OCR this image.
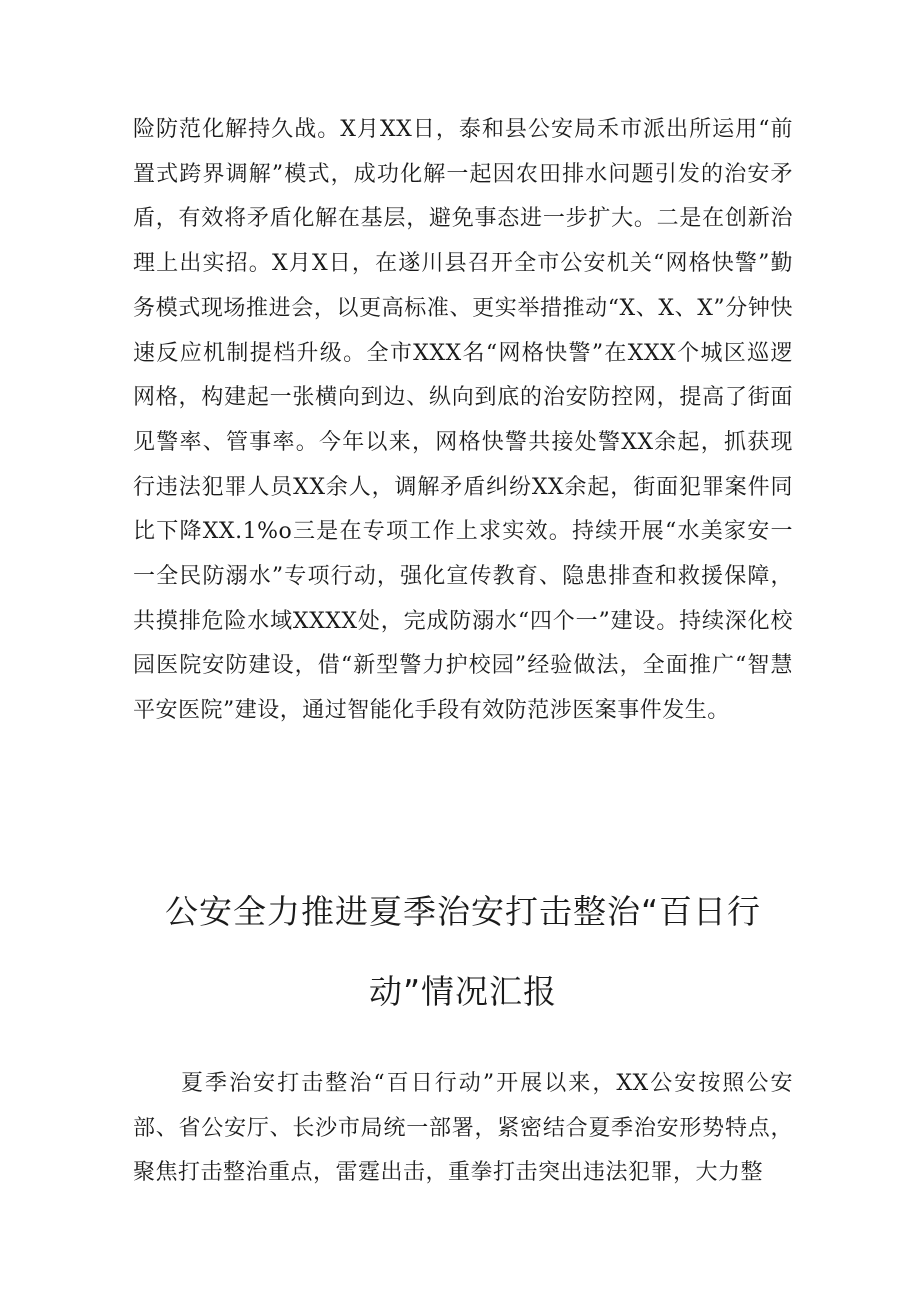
险防范化解持久战。X月XX日，泰和县公安局禾市派出所运用“前置式跨界调解”模式，成功化解一起因农田排水问题引发的治安矛盾，有效将矛盾化解在基层，避免事态进一步扩大。二是在创新治理上出实招。X月X日，在遂川县召开全市公安机关“网格快警”勤务模式现场推进会，以更高标准、更实举措推动“X、X、X”分钟快速反应机制提档升级。全市XXX名“网格快警”在XXX个城区巡逻网格，构建起一张横向到边、纵向到底的治安防控网，提高了街面见警率、管事率。今年以来，网格快警共接处警XX余起，抓获现行违法犯罪人员XX余人，调解矛盾纠纷XX余起，街面犯罪案件同比下降XX.1%o三是在专项工作上求实效。持续开展“水美家安一一全民防溺水”专项行动，强化宣传教育、隐患排查和救援保障，共摸排危险水域XXXX处，完成防溺水“四个一”建设。持续深化校园医院安防建设，借“新型警力护校园”经验做法，全面推广“智慧平安医院”建设，通过智能化手段有效防范涉医案事件发生。

公安全力推进夏季治安打击整治“百日行动”情况汇报

夏季治安打击整治“百日行动”开展以来，XX公安按照公安部、省公安厅、长沙市局统一部署，紧密结合夏季治安形势特点，聚焦打击整治重点，雷霆出击，重拳打击突出违法犯罪，大力整
